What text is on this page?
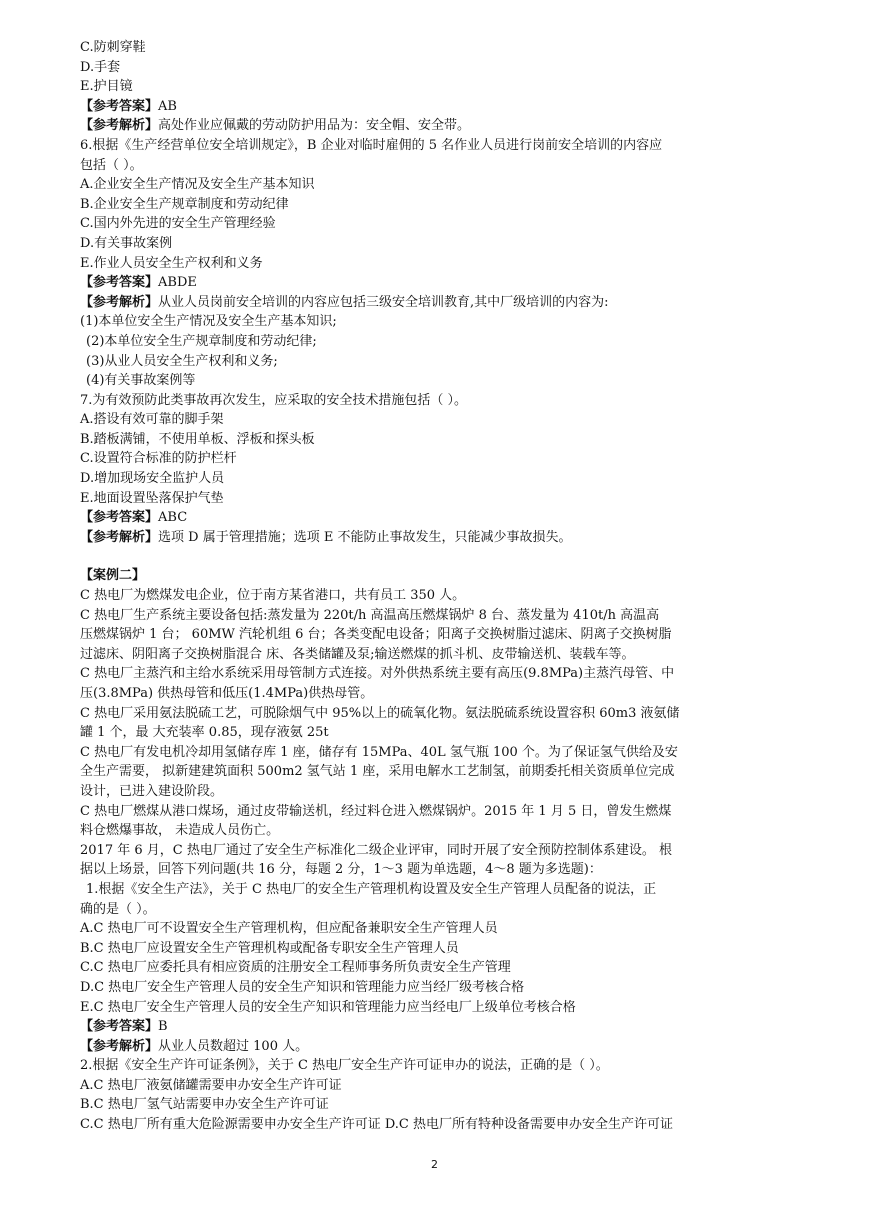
C.防刺穿鞋
D.手套
E.护目镜
【参考答案】AB
【参考解析】高处作业应佩戴的劳动防护用品为：安全帽、安全带。
6.根据《生产经营单位安全培训规定》，B 企业对临时雇佣的 5 名作业人员进行岗前安全培训的内容应
包括（ ）。
A.企业安全生产情况及安全生产基本知识
B.企业安全生产规章制度和劳动纪律
C.国内外先进的安全生产管理经验
D.有关事故案例
E.作业人员安全生产权利和义务
【参考答案】ABDE
【参考解析】从业人员岗前安全培训的内容应包括三级安全培训教育,其中厂级培训的内容为:
(1)本单位安全生产情况及安全生产基本知识;
(2)本单位安全生产规章制度和劳动纪律;
(3)从业人员安全生产权利和义务;
(4)有关事故案例等
7.为有效预防此类事故再次发生，应采取的安全技术措施包括（ ）。
A.搭设有效可靠的脚手架
B.踏板满铺，不使用单板、浮板和探头板
C.设置符合标准的防护栏杆
D.增加现场安全监护人员
E.地面设置坠落保护气垫
【参考答案】ABC
【参考解析】选项 D 属于管理措施；选项 E 不能防止事故发生，只能减少事故损失。
【案例二】
C 热电厂为燃煤发电企业，位于南方某省港口，共有员工 350 人。
C 热电厂生产系统主要设备包括:蒸发量为 220t/h 高温高压燃煤锅炉 8 台、蒸发量为 410t/h 高温高
压燃煤锅炉 1 台； 60MW 汽轮机组 6 台；各类变配电设备；阳离子交换树脂过滤床、阴离子交换树脂
过滤床、阴阳离子交换树脂混合 床、各类储罐及泵;输送燃煤的抓斗机、皮带输送机、装载车等。
C 热电厂主蒸汽和主给水系统采用母管制方式连接。对外供热系统主要有高压(9.8MPa)主蒸汽母管、中
压(3.8MPa) 供热母管和低压(1.4MPa)供热母管。
C 热电厂采用氨法脱硫工艺，可脱除烟气中 95%以上的硫氧化物。氨法脱硫系统设置容积 60m3 液氨储
罐 1 个，最 大充装率 0.85，现存液氨 25t
C 热电厂有发电机冷却用氢储存库 1 座，储存有 15MPa、40L 氢气瓶 100 个。为了保证氢气供给及安
全生产需要， 拟新建建筑面积 500m2 氢气站 1 座，采用电解水工艺制氢，前期委托相关资质单位完成
设计，已进入建设阶段。
C 热电厂燃煤从港口煤场，通过皮带输送机，经过料仓进入燃煤锅炉。2015 年 1 月 5 日，曾发生燃煤
料仓燃爆事故， 未造成人员伤亡。
2017 年 6 月，C 热电厂通过了安全生产标准化二级企业评审，同时开展了安全预防控制体系建设。 根
据以上场景，回答下列问题(共 16 分，每题 2 分，1～3 题为单选题，4～8 题为多选题)：
1.根据《安全生产法》，关于 C 热电厂的安全生产管理机构设置及安全生产管理人员配备的说法，正
确的是（ ）。
A.C 热电厂可不设置安全生产管理机构，但应配备兼职安全生产管理人员
B.C 热电厂应设置安全生产管理机构或配备专职安全生产管理人员
C.C 热电厂应委托具有相应资质的注册安全工程师事务所负责安全生产管理
D.C 热电厂安全生产管理人员的安全生产知识和管理能力应当经厂级考核合格
E.C 热电厂安全生产管理人员的安全生产知识和管理能力应当经电厂上级单位考核合格
【参考答案】B
【参考解析】从业人员数超过 100 人。
2.根据《安全生产许可证条例》，关于 C 热电厂安全生产许可证申办的说法，正确的是（ ）。
A.C 热电厂液氨储罐需要申办安全生产许可证
B.C 热电厂氢气站需要申办安全生产许可证
C.C 热电厂所有重大危险源需要申办安全生产许可证 D.C 热电厂所有特种设备需要申办安全生产许可证
2
